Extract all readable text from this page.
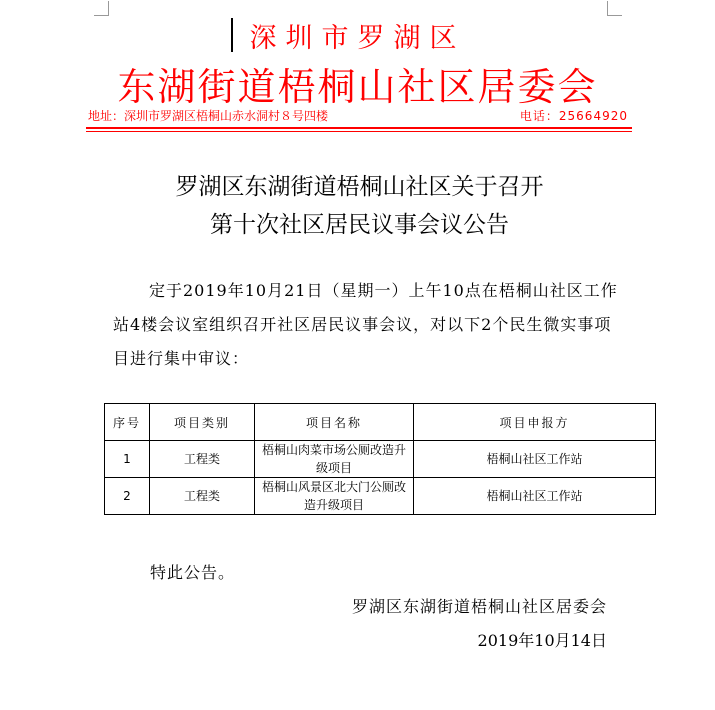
深圳市罗湖区
东湖街道梧桐山社区居委会
地址：深圳市罗湖区梧桐山赤水洞村８号四楼	电话：25664920
罗湖区东湖街道梧桐山社区关于召开
第十次社区居民议事会议公告
定于2019年10月21日（星期一）上午10点在梧桐山社区工作站4楼会议室组织召开社区居民议事会议，对以下2个民生微实事项目进行集中审议：
序号	项目类别	项目名称	项目申报方
1	工程类	梧桐山肉菜市场公厕改造升级项目	梧桐山社区工作站
2	工程类	梧桐山风景区北大门公厕改造升级项目	梧桐山社区工作站
特此公告。
罗湖区东湖街道梧桐山社区居委会
2019年10月14日
